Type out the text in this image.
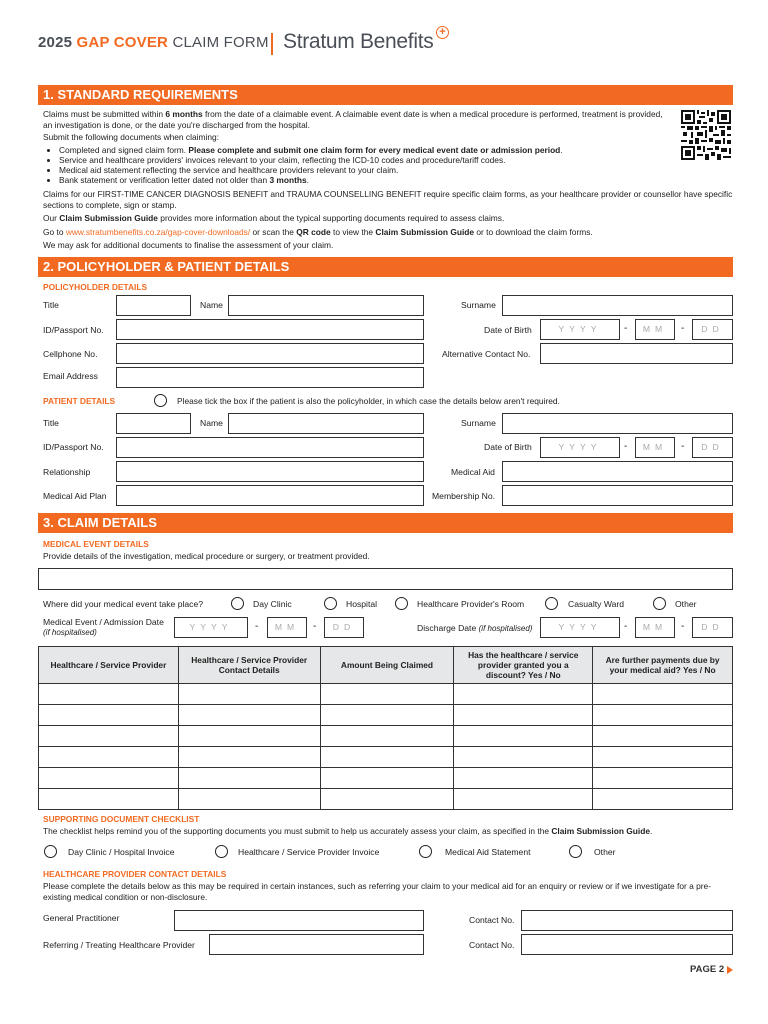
2025 GAP COVER CLAIM FORM Stratum Benefits +
1. STANDARD REQUIREMENTS
Claims must be submitted within 6 months from the date of a claimable event. A claimable event date is when a medical procedure is performed, treatment is provided, an investigation is done, or the date you're discharged from the hospital.
Submit the following documents when claiming:
• Completed and signed claim form. Please complete and submit one claim form for every medical event date or admission period.
• Service and healthcare providers' invoices relevant to your claim, reflecting the ICD-10 codes and procedure/tariff codes.
• Medical aid statement reflecting the service and healthcare providers relevant to your claim.
• Bank statement or verification letter dated not older than 3 months.
Claims for our FIRST-TIME CANCER DIAGNOSIS BENEFIT and TRAUMA COUNSELLING BENEFIT require specific claim forms, as your healthcare provider or counsellor have specific sections to complete, sign or stamp.
Our Claim Submission Guide provides more information about the typical supporting documents required to assess claims.
Go to www.stratumbenefits.co.za/gap-cover-downloads/ or scan the QR code to view the Claim Submission Guide or to download the claim forms.
We may ask for additional documents to finalise the assessment of your claim.
2. POLICYHOLDER & PATIENT DETAILS
POLICYHOLDER DETAILS
Title	Name	Surname
ID/Passport No.	Date of Birth	YYYY	-	MM	-	DD
Cellphone No.	Alternative Contact No.
Email Address
PATIENT DETAILS	Please tick the box if the patient is also the policyholder, in which case the details below aren't required.
Title	Name	Surname
ID/Passport No.	Date of Birth	YYYY	-	MM	-	DD
Relationship	Medical Aid
Medical Aid Plan	Membership No.
3. CLAIM DETAILS
MEDICAL EVENT DETAILS
Provide details of the investigation, medical procedure or surgery, or treatment provided.
Where did your medical event take place?	Day Clinic	Hospital	Healthcare Provider's Room	Casualty Ward	Other
Medical Event / Admission Date
(if hospitalised)
YYYY	-	MM	-	DD	Discharge Date (if hospitalised)	YYYY	-	MM	-	DD
Healthcare / Service Provider	Healthcare / Service Provider Contact Details	Amount Being Claimed	Has the healthcare / service provider granted you a discount? Yes / No	Are further payments due by your medical aid? Yes / No

SUPPORTING DOCUMENT CHECKLIST
The checklist helps remind you of the supporting documents you must submit to help us accurately assess your claim, as specified in the Claim Submission Guide.
Day Clinic / Hospital Invoice	Healthcare / Service Provider Invoice	Medical Aid Statement	Other
HEALTHCARE PROVIDER CONTACT DETAILS
Please complete the details below as this may be required in certain instances, such as referring your claim to your medical aid for an enquiry or review or if we investigate for a pre-existing medical condition or non-disclosure.
General Practitioner	Contact No.
Referring / Treating Healthcare Provider	Contact No.
PAGE 2
